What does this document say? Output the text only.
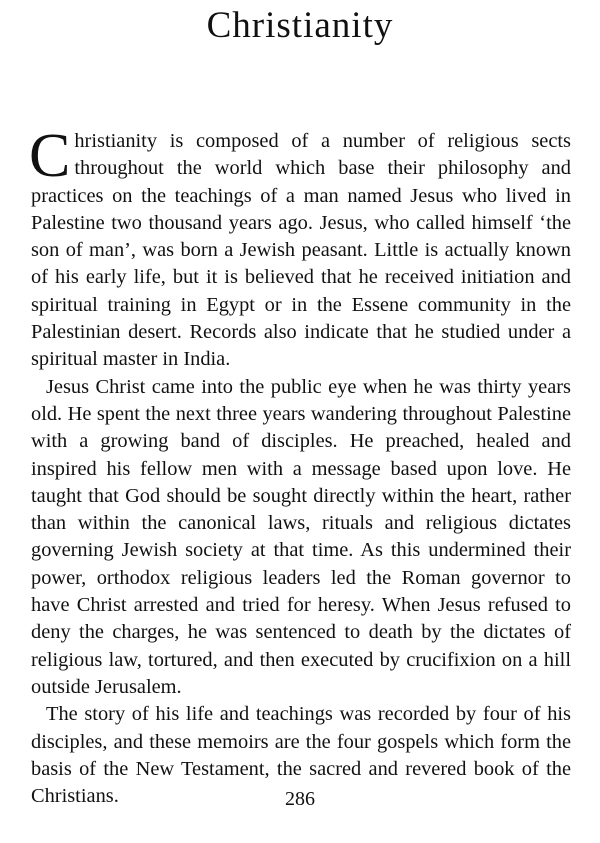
Christianity

Christianity is composed of a number of religious sects throughout the world which base their philosophy and practices on the teachings of a man named Jesus who lived in Palestine two thousand years ago. Jesus, who called himself ‘the son of man’, was born a Jewish peasant. Little is actually known of his early life, but it is believed that he received initiation and spiritual training in Egypt or in the Essene community in the Palestinian desert. Records also indicate that he studied under a spiritual master in India.

Jesus Christ came into the public eye when he was thirty years old. He spent the next three years wandering throughout Palestine with a growing band of disciples. He preached, healed and inspired his fellow men with a message based upon love. He taught that God should be sought directly within the heart, rather than within the canonical laws, rituals and religious dictates governing Jewish society at that time. As this undermined their power, orthodox religious leaders led the Roman governor to have Christ arrested and tried for heresy. When Jesus refused to deny the charges, he was sentenced to death by the dictates of religious law, tortured, and then executed by crucifixion on a hill outside Jerusalem.

The story of his life and teachings was recorded by four of his disciples, and these memoirs are the four gospels which form the basis of the New Testament, the sacred and revered book of the Christians.	286
